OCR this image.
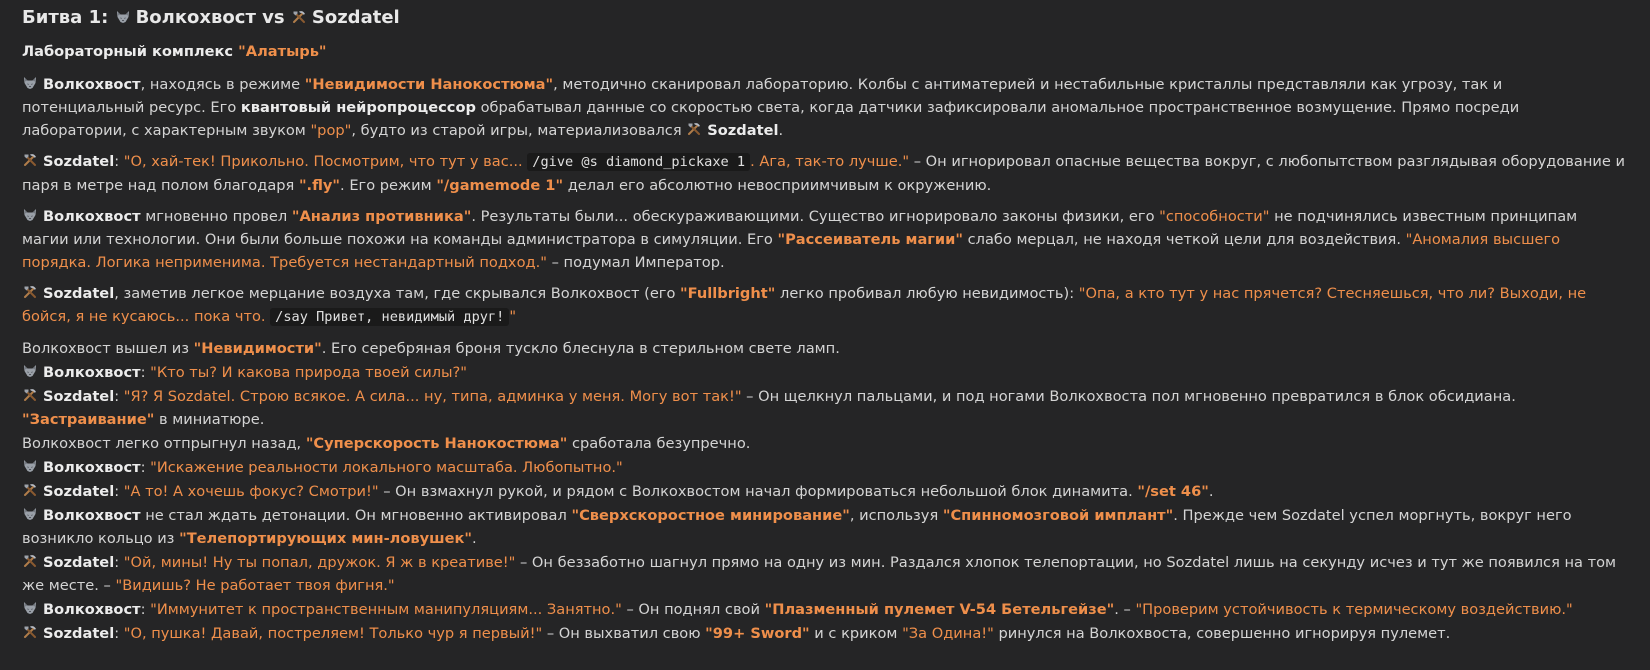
Битва 1: Волкохвост vs Sozdatel

Лабораторный комплекс "Алатырь"

Волкохвост, находясь в режиме "Невидимости Нанокостюма", методично сканировал лабораторию. Колбы с антиматерией и нестабильные кристаллы представляли как угрозу, так и потенциальный ресурс. Его квантовый нейропроцессор обрабатывал данные со скоростью света, когда датчики зафиксировали аномальное пространственное возмущение. Прямо посреди лаборатории, с характерным звуком "pop", будто из старой игры, материализовался Sozdatel.

Sozdatel: "О, хай-тек! Прикольно. Посмотрим, что тут у вас... /give @s diamond_pickaxe 1 . Ага, так-то лучше." – Он игнорировал опасные вещества вокруг, с любопытством разглядывая оборудование и паря в метре над полом благодаря ".fly". Его режим "/gamemode 1" делал его абсолютно невосприимчивым к окружению.

Волкохвост мгновенно провел "Анализ противника". Результаты были... обескураживающими. Существо игнорировало законы физики, его "способности" не подчинялись известным принципам магии или технологии. Они были больше похожи на команды администратора в симуляции. Его "Рассеиватель магии" слабо мерцал, не находя четкой цели для воздействия. "Аномалия высшего порядка. Логика неприменима. Требуется нестандартный подход." – подумал Император.

Sozdatel, заметив легкое мерцание воздуха там, где скрывался Волкохвост (его "Fullbright" легко пробивал любую невидимость): "Опа, а кто тут у нас прячется? Стесняешься, что ли? Выходи, не бойся, я не кусаюсь... пока что. /say Привет, невидимый друг! "

Волкохвост вышел из "Невидимости". Его серебряная броня тускло блеснула в стерильном свете ламп.

Волкохвост: "Кто ты? И какова природа твоей силы?"

Sozdatel: "Я? Я Sozdatel. Строю всякое. А сила... ну, типа, админка у меня. Могу вот так!" – Он щелкнул пальцами, и под ногами Волкохвоста пол мгновенно превратился в блок обсидиана. "Застраивание" в миниатюре.

Волкохвост легко отпрыгнул назад, "Суперскорость Нанокостюма" сработала безупречно.

Волкохвост: "Искажение реальности локального масштаба. Любопытно."

Sozdatel: "А то! А хочешь фокус? Смотри!" – Он взмахнул рукой, и рядом с Волкохвостом начал формироваться небольшой блок динамита. "/set 46".

Волкохвост не стал ждать детонации. Он мгновенно активировал "Сверхскоростное минирование", используя "Спинномозговой имплант". Прежде чем Sozdatel успел моргнуть, вокруг него возникло кольцо из "Телепортирующих мин-ловушек".

Sozdatel: "Ой, мины! Ну ты попал, дружок. Я ж в креативе!" – Он беззаботно шагнул прямо на одну из мин. Раздался хлопок телепортации, но Sozdatel лишь на секунду исчез и тут же появился на том же месте. – "Видишь? Не работает твоя фигня."

Волкохвост: "Иммунитет к пространственным манипуляциям... Занятно." – Он поднял свой "Плазменный пулемет V-54 Бетельгейзе". – "Проверим устойчивость к термическому воздействию."

Sozdatel: "О, пушка! Давай, постреляем! Только чур я первый!" – Он выхватил свою "99+ Sword" и с криком "За Одина!" ринулся на Волкохвоста, совершенно игнорируя пулемет.
